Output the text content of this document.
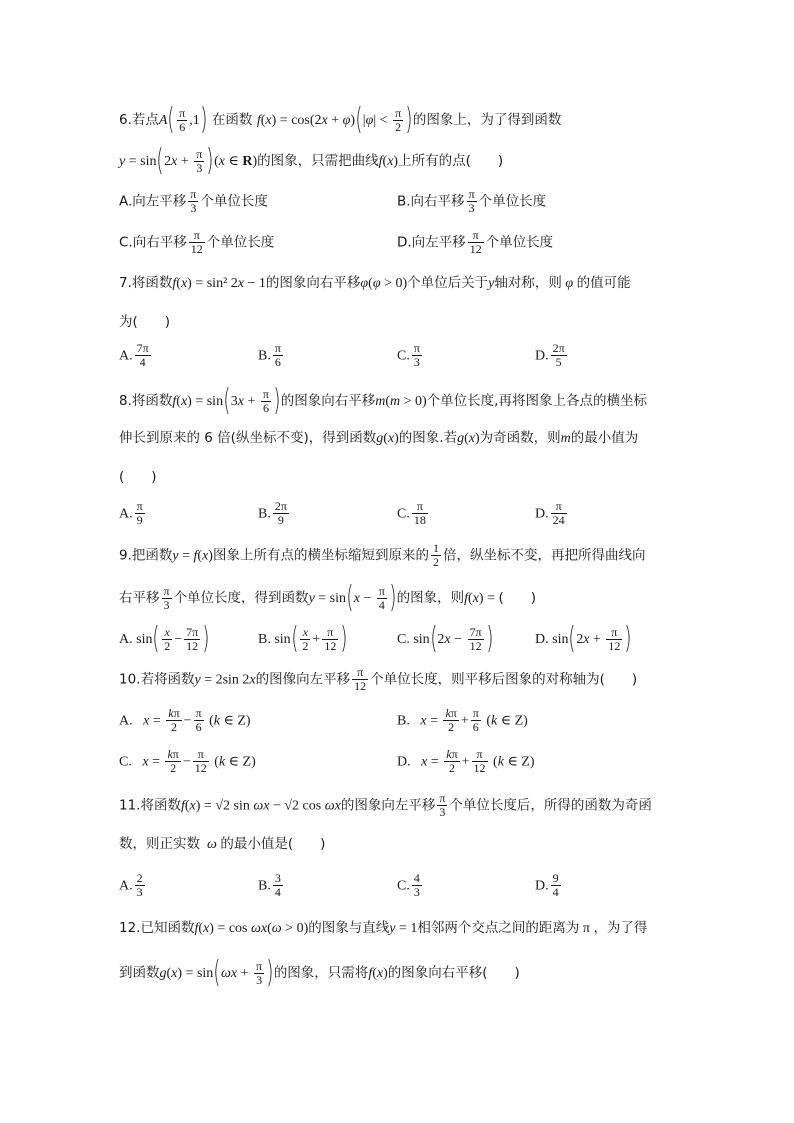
6.若点$A( \frac{\pi}{6} ,1)$ 在函数 $f(x) = \cos(2x + \varphi)(|\varphi| < \frac{\pi}{2}$ )的图象上，为了得到函数
$y = \sin(2x + \frac{\pi}{3} )(x$ ∈ R)的图象，只需把曲线f(x)上所有的点(　　)
A.向左平移 $\frac{\pi}{3}$ 个单位长度	B.向右平移 $\frac{\pi}{3}$ 个单位长度
C.向右平移 $\frac{\pi}{12}$ 个单位长度	D.向左平移 $\frac{\pi}{12}$ 个单位长度
7.将函数f(x) = sin² 2x − 1的图象向右平移φ(φ > 0)个单位后关于y轴对称，则 φ 的值可能
为(　　)
A. $\frac{7\pi}{4}$	B. $\frac{\pi}{6}$	C. $\frac{\pi}{3}$	D. $\frac{2\pi}{5}$
8.将函数$f(x) = \sin(3x + \frac{\pi}{6}$ )的图象向右平移m(m > 0)个单位长度,再将图象上各点的横坐标
伸长到原来的 6 倍(纵坐标不变)，得到函数g(x)的图象.若g(x)为奇函数，则m的最小值为
(　　)
A. $\frac{\pi}{9}$	B. $\frac{2\pi}{9}$	C. $\frac{\pi}{18}$	D. $\frac{\pi}{24}$
9.把函数y = f(x)图象上所有点的横坐标缩短到原来的 $\frac{1}{2}$ 倍，纵坐标不变，再把所得曲线向
右平移 $\frac{\pi}{3}$ 个单位长度，得到函数$y = \sin(x - \frac{\pi}{4}$ )的图象，则f(x) = (　　)
A. $\sin( \frac{x}{2} - \frac{7\pi}{12}$ )	B. $\sin( \frac{x}{2} + \frac{\pi}{12}$ )	C. $\sin(2x - \frac{7\pi}{12}$ )	D. $\sin(2x + \frac{\pi}{12}$ )
10.若将函数y = 2sin 2x的图像向左平移 $\frac{\pi}{12}$ 个单位长度，则平移后图象的对称轴为(　　)
A.   $x = \frac{k\pi}{2} - \frac{\pi}{6} (k$ ∈ Z)	B.   $x = \frac{k\pi}{2} + \frac{\pi}{6} (k$ ∈ Z)
C.   $x = \frac{k\pi}{2} - \frac{\pi}{12} (k$ ∈ Z)	D.   $x = \frac{k\pi}{2} + \frac{\pi}{12} (k$ ∈ Z)
11.将函数f(x) = √2 sin ωx − √2 cos ωx的图象向左平移 $\frac{\pi}{3}$ 个单位长度后，所得的函数为奇函
数，则正实数  ω 的最小值是(　　)
A. $\frac{2}{3}$	B. $\frac{3}{4}$	C. $\frac{4}{3}$	D. $\frac{9}{4}$
12.已知函数f(x) = cos ωx(ω > 0)的图象与直线y = 1相邻两个交点之间的距离为 π ，为了得
到函数$g(x) = \sin(\omega x + \frac{\pi}{3}$ )的图象，只需将f(x)的图象向右平移(　　)
